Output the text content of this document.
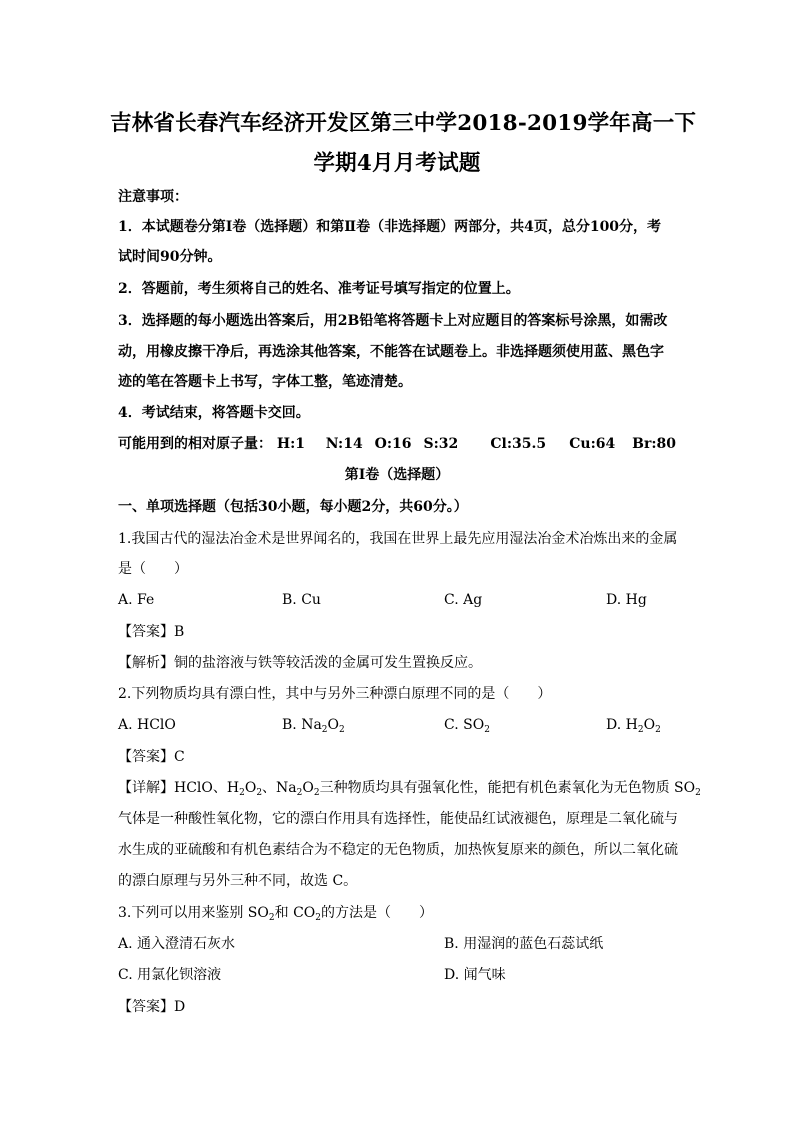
吉林省长春汽车经济开发区第三中学2018-2019学年高一下
学期4月月考试题
注意事项：
1．本试题卷分第Ⅰ卷（选择题）和第Ⅱ卷（非选择题）两部分，共4页，总分100分，考
试时间90分钟。
2．答题前，考生须将自己的姓名、准考证号填写指定的位置上。
3．选择题的每小题选出答案后，用2B铅笔将答题卡上对应题目的答案标号涂黑，如需改
动，用橡皮擦干净后，再选涂其他答案，不能答在试题卷上。非选择题须使用蓝、黑色字
迹的笔在答题卡上书写，字体工整，笔迹清楚。
4．考试结束，将答题卡交回。
可能用到的相对原子量： H:1 N:14 O:16 S:32 Cl:35.5 Cu:64 Br:80
第Ⅰ卷（选择题）
一、单项选择题（包括30小题，每小题2分，共60分。）
1.我国古代的湿法冶金术是世界闻名的，我国在世界上最先应用湿法冶金术冶炼出来的金属
是（　　）
A. Fe	B. Cu	C. Ag	D. Hg
【答案】B
【解析】铜的盐溶液与铁等较活泼的金属可发生置换反应。
2.下列物质均具有漂白性，其中与另外三种漂白原理不同的是（　　）
A. HClO	B. $Na_2O_2$	C. $SO_2$	D. $H_2O_2$
【答案】C
【详解】HClO、$H_2O_2$、$Na_2O_2$三种物质均具有强氧化性，能把有机色素氧化为无色物质 $SO_2$
气体是一种酸性氧化物，它的漂白作用具有选择性，能使品红试液褪色，原理是二氧化硫与
水生成的亚硫酸和有机色素结合为不稳定的无色物质，加热恢复原来的颜色，所以二氧化硫
的漂白原理与另外三种不同，故选 C。
3.下列可以用来鉴别 $SO_2$和 $CO_2$的方法是（　　）
A. 通入澄清石灰水	B. 用湿润的蓝色石蕊试纸
C. 用氯化钡溶液	D. 闻气味
【答案】D
